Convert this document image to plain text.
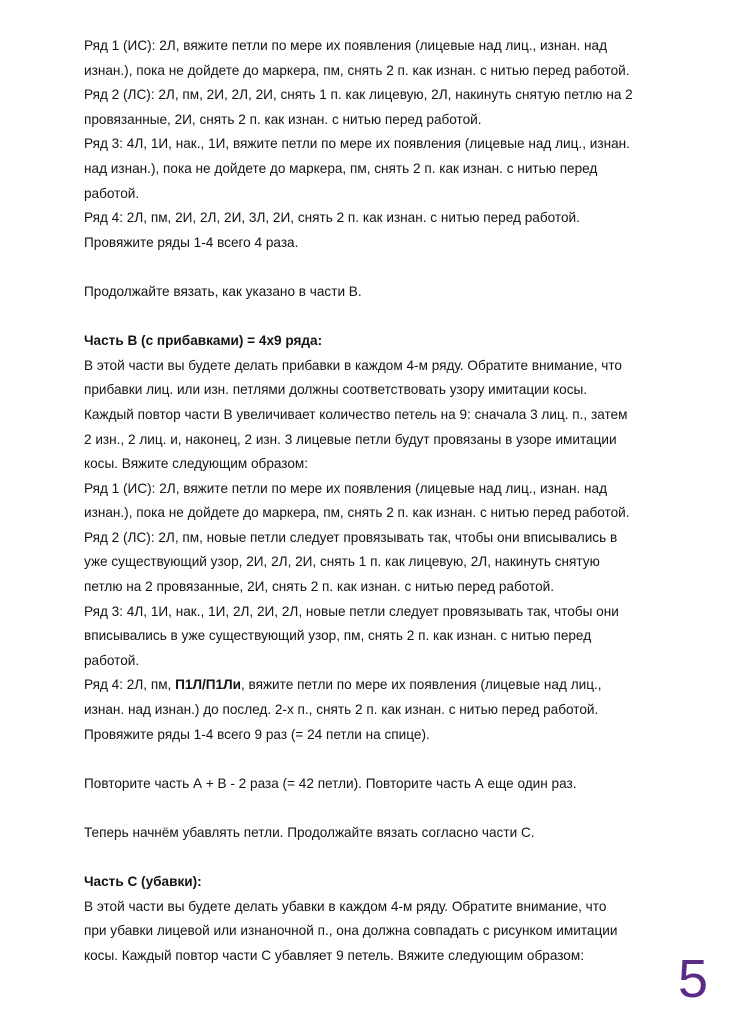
Ряд 1 (ИС): 2Л, вяжите петли по мере их появления (лицевые над лиц., изнан. над
изнан.), пока не дойдете до маркера, пм, снять 2 п. как изнан. с нитью перед работой.

Ряд 2 (ЛС): 2Л, пм, 2И, 2Л, 2И, снять 1 п. как лицевую, 2Л, накинуть снятую петлю на 2
провязанные, 2И, снять 2 п. как изнан. с нитью перед работой.

Ряд 3: 4Л, 1И, нак., 1И, вяжите петли по мере их появления (лицевые над лиц., изнан.
над изнан.), пока не дойдете до маркера, пм, снять 2 п. как изнан. с нитью перед
работой.

Ряд 4: 2Л, пм, 2И, 2Л, 2И, 3Л, 2И, снять 2 п. как изнан. с нитью перед работой.

Провяжите ряды 1-4 всего 4 раза.

Продолжайте вязать, как указано в части В.

Часть В (с прибавками) = 4x9 ряда:

В этой части вы будете делать прибавки в каждом 4-м ряду. Обратите внимание, что
прибавки лиц. или изн. петлями должны соответствовать узору имитации косы.
Каждый повтор части В увеличивает количество петель на 9: сначала 3 лиц. п., затем
2 изн., 2 лиц. и, наконец, 2 изн. 3 лицевые петли будут провязаны в узоре имитации
косы. Вяжите следующим образом:

Ряд 1 (ИС): 2Л, вяжите петли по мере их появления (лицевые над лиц., изнан. над
изнан.), пока не дойдете до маркера, пм, снять 2 п. как изнан. с нитью перед работой.

Ряд 2 (ЛС): 2Л, пм, новые петли следует провязывать так, чтобы они вписывались в
уже существующий узор, 2И, 2Л, 2И, снять 1 п. как лицевую, 2Л, накинуть снятую
петлю на 2 провязанные, 2И, снять 2 п. как изнан. с нитью перед работой.

Ряд 3: 4Л, 1И, нак., 1И, 2Л, 2И, 2Л, новые петли следует провязывать так, чтобы они
вписывались в уже существующий узор, пм, снять 2 п. как изнан. с нитью перед
работой.

Ряд 4: 2Л, пм, П1Л/П1Ли, вяжите петли по мере их появления (лицевые над лиц.,
изнан. над изнан.) до послед. 2-х п., снять 2 п. как изнан. с нитью перед работой.

Провяжите ряды 1-4 всего 9 раз (= 24 петли на спице).

Повторите часть А + В - 2 раза (= 42 петли). Повторите часть А еще один раз.

Теперь начнём убавлять петли. Продолжайте вязать согласно части С.

Часть С (убавки):

В этой части вы будете делать убавки в каждом 4-м ряду. Обратите внимание, что
при убавки лицевой или изнаночной п., она должна совпадать с рисунком имитации
косы. Каждый повтор части С убавляет 9 петель. Вяжите следующим образом:	5
